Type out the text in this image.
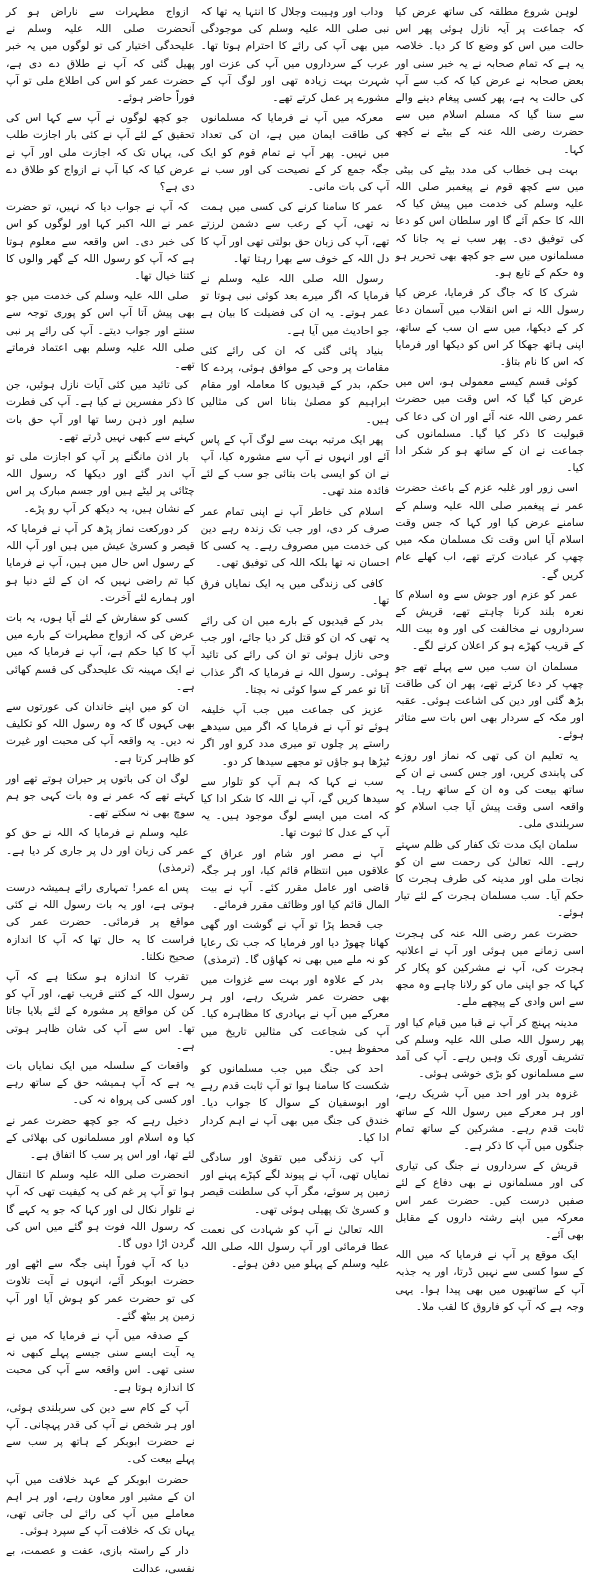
لوہن شروع مطلقہ کی ساتھ عرض کیا کہ جماعت پر آیہ نازل ہوئی پھر اس حالت میں اس کو وضع کا کر دیا۔ خلاصہ یہ ہے کہ تمام صحابہ نے یہ خبر سنی اور بعض صحابہ نے عرض کیا کہ کب سے آپ کی حالت یہ ہے، پھر کسی پیغام دینے والے سے سنا گیا کہ مسلم اسلام میں سے حضرت رضی اللہ عنہ کے بیٹے نے کچھ کہا۔

بہت ہی خطاب کی مدد بیٹے کی بیٹی میں سے کچھ قوم نے پیغمبر صلی اللہ علیہ وسلم کی خدمت میں پیش کیا کہ اللہ کا حکم آئے گا اور سلطان اس کو دعا کی توفیق دی۔ پھر سب نے یہ جانا کہ مسلمانوں میں سے جو کچھ بھی تحریر ہو وہ حکم کے تابع ہو۔

شرک کا کہ جاگ کر فرمایا، عرض کیا رسول اللہ نے اس انقلاب میں آسمان دعا کر کے دیکھا، میں سے ان سب کے ساتھ، اپنی ہاتھ جھکا کر اس کو دیکھا اور فرمایا کہ اس کا نام بتاؤ۔

کوئی قسم کیسے معمولی ہو، اس میں عرض کیا گیا کہ اس وقت میں حضرت عمر رضی اللہ عنہ آئے اور ان کی دعا کی قبولیت کا ذکر کیا گیا۔ مسلمانوں کی جماعت نے ان کے ساتھ ہو کر شکر ادا کیا۔

اسی زور اور غلبہ عزم کے باعث حضرت عمر نے پیغمبر صلی اللہ علیہ وسلم کے سامنے عرض کیا اور کہا کہ جس وقت اسلام آیا اس وقت تک مسلمان مکہ میں چھپ کر عبادت کرتے تھے، اب کھلے عام کریں گے۔

عمر کو عزم اور جوش سے وہ اسلام کا نعرہ بلند کرنا چاہتے تھے، قریش کے سرداروں نے مخالفت کی اور وہ بیت اللہ کے قریب کھڑے ہو کر اعلان کرنے لگے۔

مسلمان ان سب میں سے پہلے تھے جو چھپ کر دعا کرتے تھے، پھر ان کی طاقت بڑھ گئی اور دین کی اشاعت ہوئی۔ عقبہ اور مکہ کے سردار بھی اس بات سے متاثر ہوئے۔

یہ تعلیم ان کی تھی کہ نماز اور روزے کی پابندی کریں، اور جس کسی نے ان کے ساتھ بیعت کی وہ ان کے ساتھ رہا۔ یہ واقعہ اسی وقت پیش آیا جب اسلام کو سربلندی ملی۔

سلمان ایک مدت تک کفار کی ظلم سہتے رہے۔ اللہ تعالیٰ کی رحمت سے ان کو نجات ملی اور مدینہ کی طرف ہجرت کا حکم آیا۔ سب مسلمان ہجرت کے لئے تیار ہوئے۔

حضرت عمر رضی اللہ عنہ کی ہجرت اسی زمانے میں ہوئی اور آپ نے اعلانیہ ہجرت کی، آپ نے مشرکین کو پکار کر کہا کہ جو اپنی ماں کو رلانا چاہے وہ مجھ سے اس وادی کے پیچھے ملے۔

مدینہ پہنچ کر آپ نے قبا میں قیام کیا اور پھر رسول اللہ صلی اللہ علیہ وسلم کی تشریف آوری تک وہیں رہے۔ آپ کی آمد سے مسلمانوں کو بڑی خوشی ہوئی۔

غزوہ بدر اور احد میں آپ شریک رہے، اور ہر معرکے میں رسول اللہ کے ساتھ ثابت قدم رہے۔ مشرکین کے ساتھ تمام جنگوں میں آپ کا ذکر ہے۔

قریش کے سرداروں نے جنگ کی تیاری کی اور مسلمانوں نے بھی دفاع کے لئے صفیں درست کیں۔ حضرت عمر اس معرکہ میں اپنے رشتہ داروں کے مقابل بھی آئے۔

ایک موقع پر آپ نے فرمایا کہ میں اللہ کے سوا کسی سے نہیں ڈرتا، اور یہ جذبہ آپ کے ساتھیوں میں بھی پیدا ہوا۔ یہی وجہ ہے کہ آپ کو فاروق کا لقب ملا۔

وداب اور وہیبت وجلال کا انتہا یہ تھا کہ نبی صلی اللہ علیہ وسلم کی موجودگی میں بھی آپ کی رائے کا احترام ہوتا تھا۔ عرب کے سرداروں میں آپ کی عزت اور شہرت بہت زیادہ تھی اور لوگ آپ کے مشورے پر عمل کرتے تھے۔

معرکہ میں آپ نے فرمایا کہ مسلمانوں کی طاقت ایمان میں ہے، ان کی تعداد میں نہیں۔ پھر آپ نے تمام قوم کو ایک جگہ جمع کر کے نصیحت کی اور سب نے آپ کی بات مانی۔

عمر کا سامنا کرنے کی کسی میں ہمت نہ تھی، آپ کے رعب سے دشمن لرزتے تھے، آپ کی زبان حق بولتی تھی اور آپ کا دل اللہ کے خوف سے بھرا رہتا تھا۔

رسول اللہ صلی اللہ علیہ وسلم نے فرمایا کہ اگر میرے بعد کوئی نبی ہوتا تو عمر ہوتے۔ یہ ان کی فضیلت کا بیان ہے جو احادیث میں آیا ہے۔

بنیاد پائی گئی کہ ان کی رائے کئی مقامات پر وحی کے موافق ہوئی، پردے کا حکم، بدر کے قیدیوں کا معاملہ اور مقام ابراہیم کو مصلیٰ بنانا اس کی مثالیں ہیں۔

پھر ایک مرتبہ بہت سے لوگ آپ کے پاس آئے اور انہوں نے آپ سے مشورہ کیا، آپ نے ان کو ایسی بات بتائی جو سب کے لئے فائدہ مند تھی۔

اسلام کی خاطر آپ نے اپنی تمام عمر صرف کر دی، اور جب تک زندہ رہے دین کی خدمت میں مصروف رہے۔ یہ کسی کا احسان نہ تھا بلکہ اللہ کی توفیق تھی۔

کافی کی زندگی میں یہ ایک نمایاں فرق تھا۔

بدر کے قیدیوں کے بارے میں ان کی رائے یہ تھی کہ ان کو قتل کر دیا جائے، اور جب وحی نازل ہوئی تو ان کی رائے کی تائید ہوئی۔ رسول اللہ نے فرمایا کہ اگر عذاب آتا تو عمر کے سوا کوئی نہ بچتا۔

عزیز کی جماعت میں جب آپ خلیفہ ہوئے تو آپ نے فرمایا کہ اگر میں سیدھے راستے پر چلوں تو میری مدد کرو اور اگر ٹیڑھا ہو جاؤں تو مجھے سیدھا کر دو۔

سب نے کہا کہ ہم آپ کو تلوار سے سیدھا کریں گے، آپ نے اللہ کا شکر ادا کیا کہ امت میں ایسے لوگ موجود ہیں۔ یہ آپ کے عدل کا ثبوت تھا۔

آپ نے مصر اور شام اور عراق کے علاقوں میں انتظام قائم کیا، اور ہر جگہ قاضی اور عامل مقرر کئے۔ آپ نے بیت المال قائم کیا اور وظائف مقرر فرمائے۔

جب قحط پڑا تو آپ نے گوشت اور گھی کھانا چھوڑ دیا اور فرمایا کہ جب تک رعایا کو نہ ملے میں بھی نہ کھاؤں گا۔ (ترمذی)

بدر کے علاوہ اور بہت سے غزوات میں بھی حضرت عمر شریک رہے، اور ہر معرکے میں آپ نے بہادری کا مظاہرہ کیا۔ آپ کی شجاعت کی مثالیں تاریخ میں محفوظ ہیں۔

احد کی جنگ میں جب مسلمانوں کو شکست کا سامنا ہوا تو آپ ثابت قدم رہے اور ابوسفیان کے سوال کا جواب دیا۔ خندق کی جنگ میں بھی آپ نے اہم کردار ادا کیا۔

آپ کی زندگی میں تقویٰ اور سادگی نمایاں تھی، آپ نے پیوند لگے کپڑے پہنے اور زمین پر سوئے، مگر آپ کی سلطنت قیصر و کسریٰ تک پھیلی ہوئی تھی۔

اللہ تعالیٰ نے آپ کو شہادت کی نعمت عطا فرمائی اور آپ رسول اللہ صلی اللہ علیہ وسلم کے پہلو میں دفن ہوئے۔

ازواج مطہرات سے ناراض ہو کر آنحضرت صلی اللہ علیہ وسلم نے علیحدگی اختیار کی تو لوگوں میں یہ خبر پھیل گئی کہ آپ نے طلاق دے دی ہے، حضرت عمر کو اس کی اطلاع ملی تو آپ فوراً حاضر ہوئے۔

جو کچھ لوگوں نے آپ سے کہا اس کی تحقیق کے لئے آپ نے کئی بار اجازت طلب کی، یہاں تک کہ اجازت ملی اور آپ نے عرض کیا کہ کیا آپ نے ازواج کو طلاق دے دی ہے؟

کہ آپ نے جواب دیا کہ نہیں، تو حضرت عمر نے اللہ اکبر کہا اور لوگوں کو اس کی خبر دی۔ اس واقعہ سے معلوم ہوتا ہے کہ آپ کو رسول اللہ کے گھر والوں کا کتنا خیال تھا۔

صلی اللہ علیہ وسلم کی خدمت میں جو بھی پیش آتا آپ اس کو پوری توجہ سے سنتے اور جواب دیتے۔ آپ کی رائے پر نبی صلی اللہ علیہ وسلم بھی اعتماد فرماتے تھے۔

کی تائید میں کئی آیات نازل ہوئیں، جن کا ذکر مفسرین نے کیا ہے۔ آپ کی فطرت سلیم اور ذہن رسا تھا اور آپ حق بات کہنے سے کبھی نہیں ڈرتے تھے۔

بار اذن مانگنے پر آپ کو اجازت ملی تو آپ اندر گئے اور دیکھا کہ رسول اللہ چٹائی پر لیٹے ہیں اور جسم مبارک پر اس کے نشان ہیں، یہ دیکھ کر آپ رو پڑے۔

کر دورکعت نماز پڑھ کر آپ نے فرمایا کہ قیصر و کسریٰ عیش میں ہیں اور آپ اللہ کے رسول اس حال میں ہیں، آپ نے فرمایا کیا تم راضی نہیں کہ ان کے لئے دنیا ہو اور ہمارے لئے آخرت۔

کسی کو سفارش کے لئے آیا ہوں، یہ بات عرض کی کہ ازواج مطہرات کے بارے میں آپ کا کیا حکم ہے، آپ نے فرمایا کہ میں نے ایک مہینہ تک علیحدگی کی قسم کھائی ہے۔

ان کو میں اپنے خاندان کی عورتوں سے بھی کہوں گا کہ وہ رسول اللہ کو تکلیف نہ دیں۔ یہ واقعہ آپ کی محبت اور غیرت کو ظاہر کرتا ہے۔

لوگ ان کی باتوں پر حیران ہوتے تھے اور کہتے تھے کہ عمر نے وہ بات کہی جو ہم سوچ بھی نہ سکتے تھے۔

علیہ وسلم نے فرمایا کہ اللہ نے حق کو عمر کی زبان اور دل پر جاری کر دیا ہے۔ (ترمذی)

پس اے عمر! تمہاری رائے ہمیشہ درست ہوتی ہے، اور یہ بات رسول اللہ نے کئی مواقع پر فرمائی۔ حضرت عمر کی فراست کا یہ حال تھا کہ آپ کا اندازہ صحیح نکلتا۔

تقرب کا اندازہ ہو سکتا ہے کہ آپ رسول اللہ کے کتنے قریب تھے، اور آپ کو کن کن مواقع پر مشورہ کے لئے بلایا جاتا تھا۔ اس سے آپ کی شان ظاہر ہوتی ہے۔

واقعات کے سلسلہ میں ایک نمایاں بات یہ ہے کہ آپ ہمیشہ حق کے ساتھ رہے اور کسی کی پرواہ نہ کی۔

دخیل رہے کہ جو کچھ حضرت عمر نے کیا وہ اسلام اور مسلمانوں کی بھلائی کے لئے تھا، اور اس پر سب کا اتفاق ہے۔

انحضرت صلی اللہ علیہ وسلم کا انتقال ہوا تو آپ پر غم کی یہ کیفیت تھی کہ آپ نے تلوار نکال لی اور کہا کہ جو یہ کہے گا کہ رسول اللہ فوت ہو گئے میں اس کی گردن اڑا دوں گا۔

دیا کہ آپ فوراً اپنی جگہ سے اٹھے اور حضرت ابوبکر آئے، انہوں نے آیت تلاوت کی تو حضرت عمر کو ہوش آیا اور آپ زمین پر بیٹھ گئے۔

کے صدقہ میں آپ نے فرمایا کہ میں نے یہ آیت ایسے سنی جیسے پہلے کبھی نہ سنی تھی۔ اس واقعہ سے آپ کی محبت کا اندازہ ہوتا ہے۔

آپ کے کام سے دین کی سربلندی ہوئی، اور ہر شخص نے آپ کی قدر پہچانی۔ آپ نے حضرت ابوبکر کے ہاتھ پر سب سے پہلے بیعت کی۔

حضرت ابوبکر کے عہد خلافت میں آپ ان کے مشیر اور معاون رہے، اور ہر اہم معاملے میں آپ کی رائے لی جاتی تھی، یہاں تک کہ خلافت آپ کے سپرد ہوئی۔

دار کے راستہ بازی، عفت و عصمت، بے نفسی، عدالت
